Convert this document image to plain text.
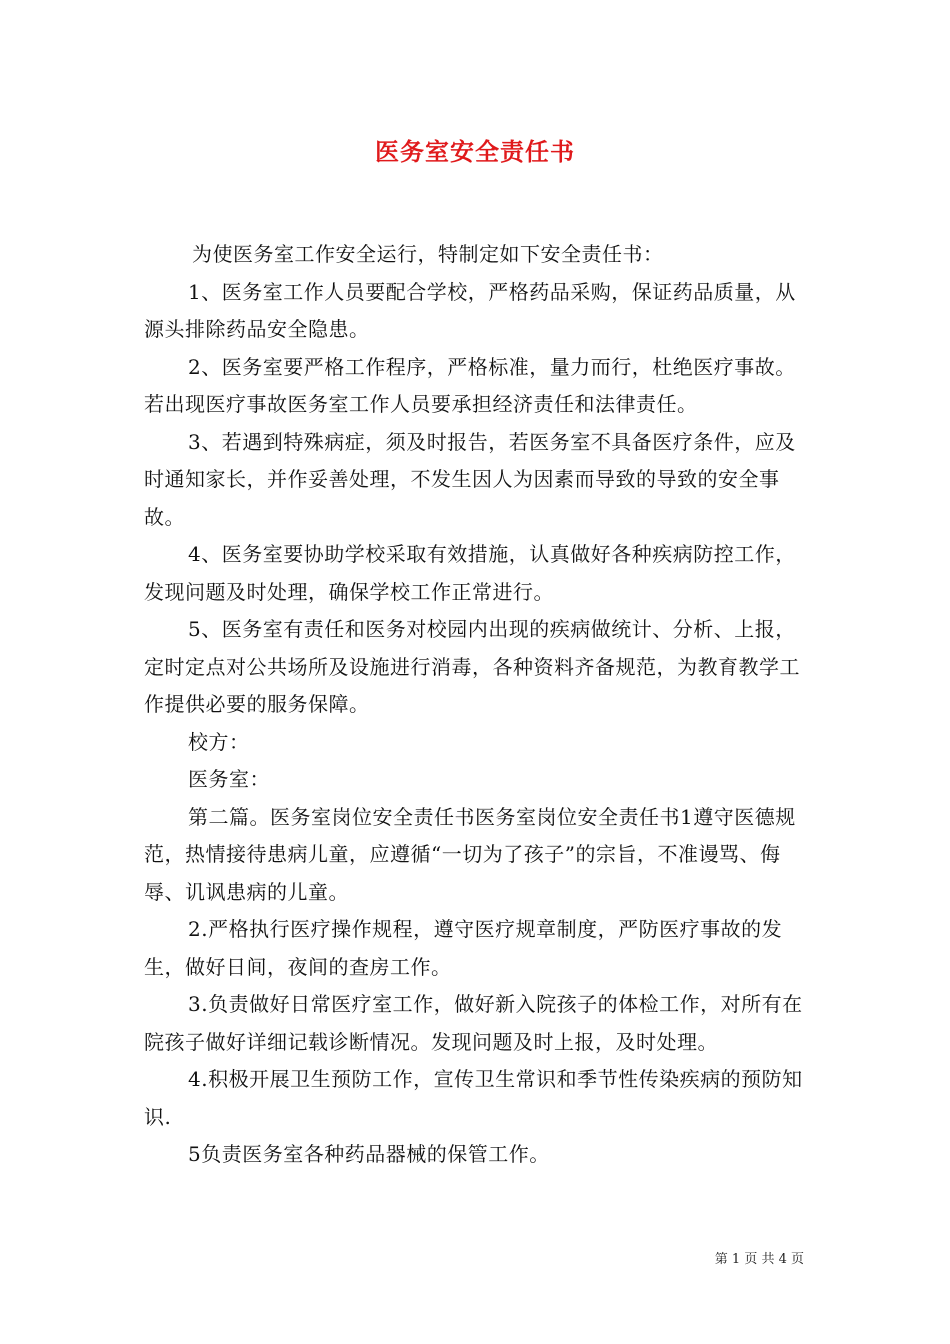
医务室安全责任书

为使医务室工作安全运行，特制定如下安全责任书：

1、医务室工作人员要配合学校，严格药品采购，保证药品质量，从源头排除药品安全隐患。

2、医务室要严格工作程序，严格标准，量力而行，杜绝医疗事故。若出现医疗事故医务室工作人员要承担经济责任和法律责任。

3、若遇到特殊病症，须及时报告，若医务室不具备医疗条件，应及时通知家长，并作妥善处理，不发生因人为因素而导致的导致的安全事故。

4、医务室要协助学校采取有效措施，认真做好各种疾病防控工作，发现问题及时处理，确保学校工作正常进行。

5、医务室有责任和医务对校园内出现的疾病做统计、分析、上报，定时定点对公共场所及设施进行消毒，各种资料齐备规范，为教育教学工作提供必要的服务保障。

校方：

医务室：

第二篇。医务室岗位安全责任书医务室岗位安全责任书1遵守医德规范，热情接待患病儿童，应遵循“一切为了孩子”的宗旨，不准谩骂、侮辱、讥讽患病的儿童。

2.严格执行医疗操作规程，遵守医疗规章制度，严防医疗事故的发生，做好日间，夜间的查房工作。

3.负责做好日常医疗室工作，做好新入院孩子的体检工作，对所有在院孩子做好详细记载诊断情况。发现问题及时上报，及时处理。

4.积极开展卫生预防工作，宣传卫生常识和季节性传染疾病的预防知识.

5负责医务室各种药品器械的保管工作。

第 1 页 共 4 页
